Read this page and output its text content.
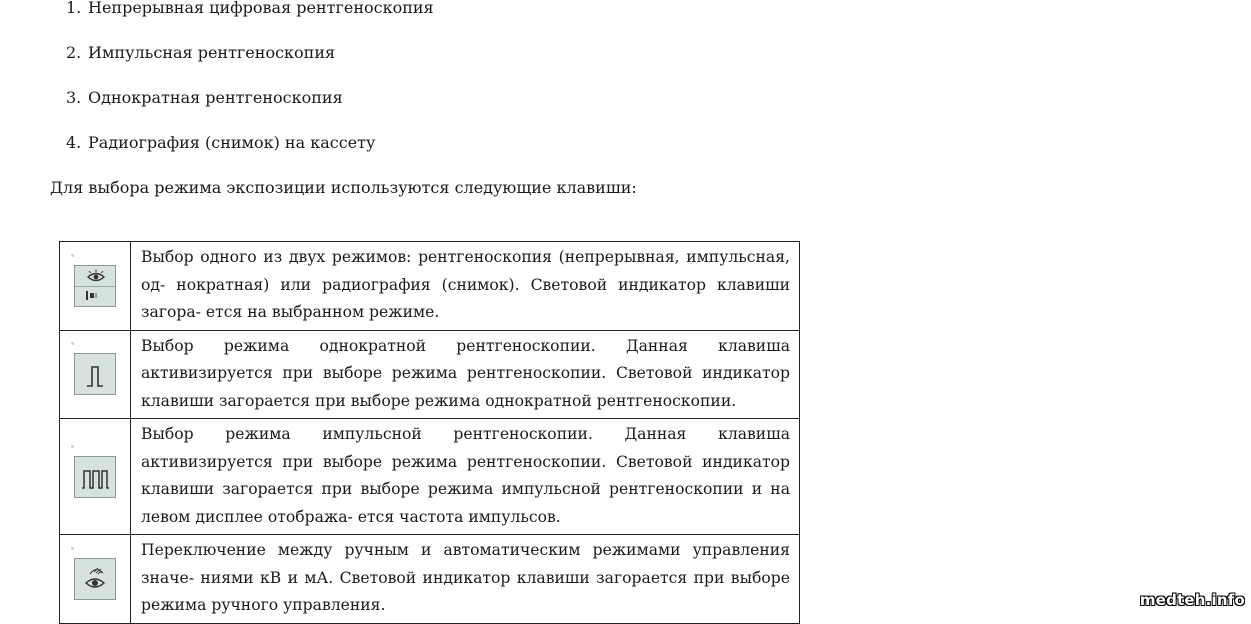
1. Непрерывная цифровая рентгеноскопия
2. Импульсная рентгеноскопия
3. Однократная рентгеноскопия
4. Радиография (снимок) на кассету
Для выбора режима экспозиции используются следующие клавиши:
	Выбор одного из двух режимов: рентгеноскопия (непрерывная, импульсная, од- нократная) или радиография (снимок). Световой индикатор клавиши загора- ется на выбранном режиме.

	Выбор режима однократной рентгеноскопии. Данная клавиша активизируется при выборе режима рентгеноскопии. Световой индикатор клавиши загорается при выборе режима однократной рентгеноскопии.

	Выбор режима импульсной рентгеноскопии. Данная клавиша активизируется при выборе режима рентгеноскопии. Световой индикатор клавиши загорается при выборе режима импульсной рентгеноскопии и на левом дисплее отобража- ется частота импульсов.

	Переключение между ручным и автоматическим режимами управления значе- ниями кВ и мА. Световой индикатор клавиши загорается при выборе режима ручного управления.	medteh.info
